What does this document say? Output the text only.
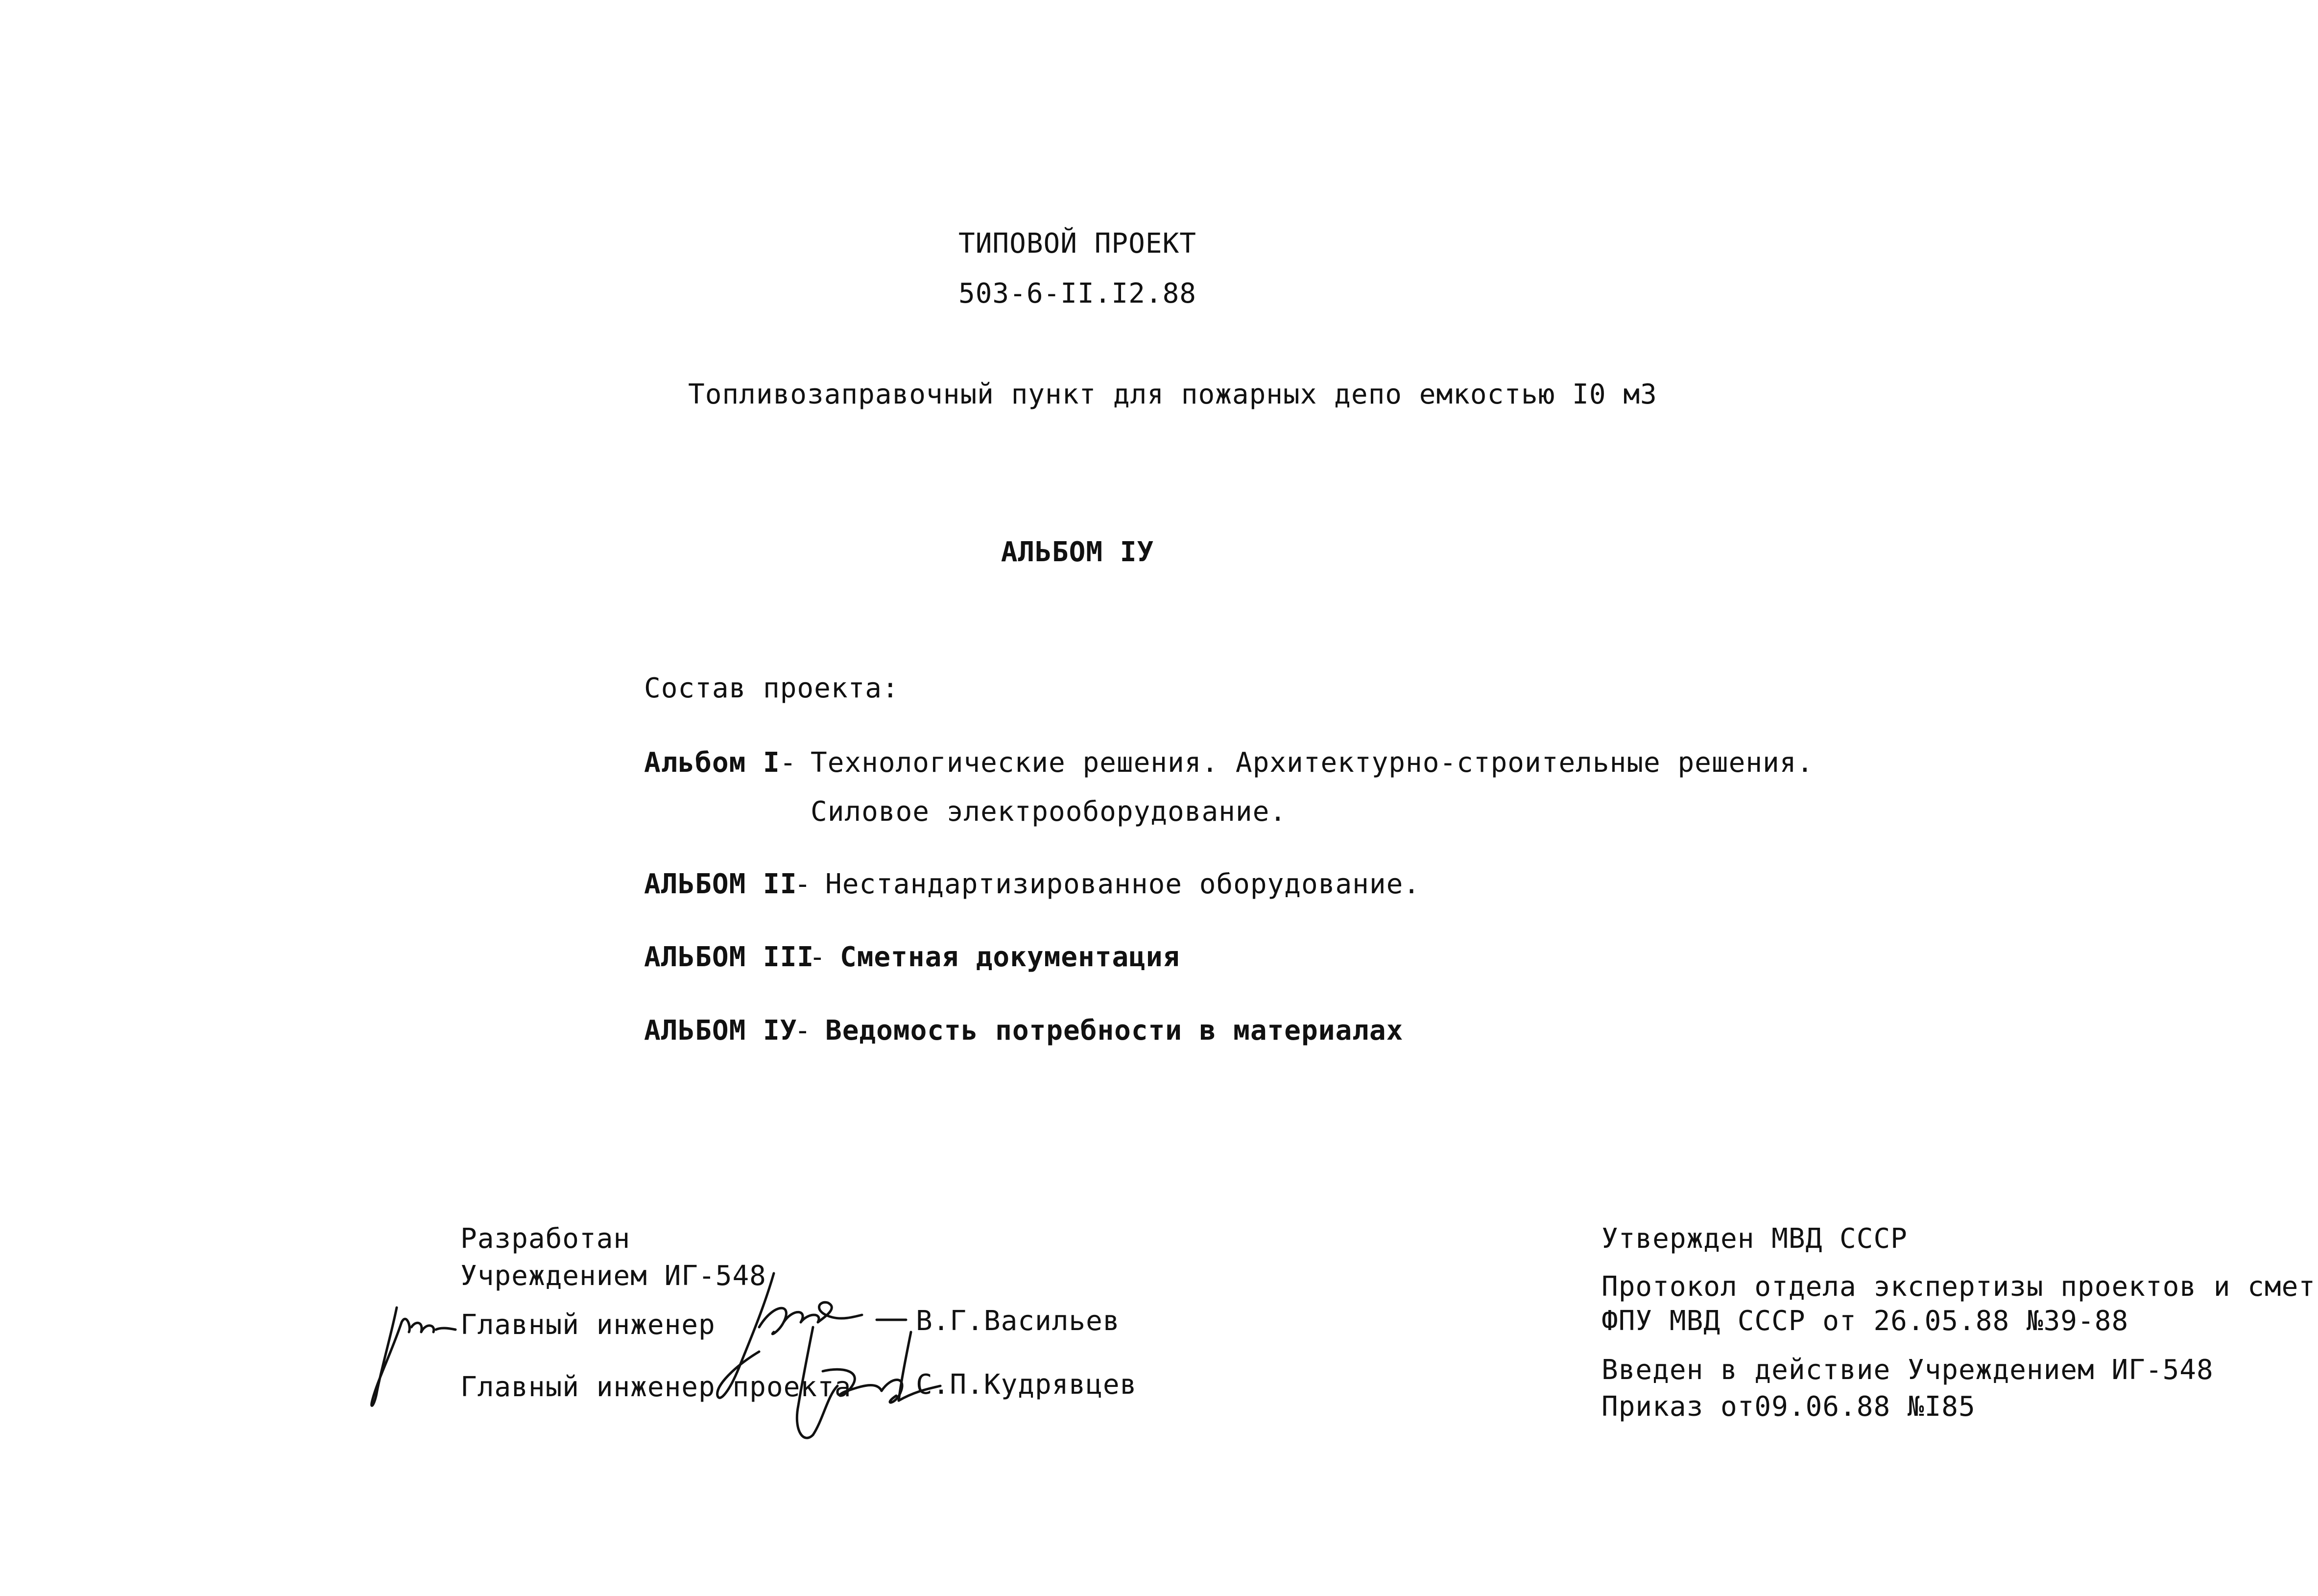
ТИПОВОЙ ПРОЕКТ
503-6-II.I2.88
Топливозаправочный пункт для пожарных депо емкостью I0 м3
АЛЬБОМ IУ
Состав проекта:
Альбом I - Технологические решения. Архитектурно-строительные решения.
Силовое электрооборудование.
АЛЬБОМ II
- Нестандартизированное оборудование.
АЛЬБОМ III
- Сметная документация
АЛЬБОМ IУ
- Ведомость потребности в материалах
Разработан
Учреждением ИГ-548
Главный инженер	В.Г.Васильев
Главный инженер проекта С.П.Кудрявцев
Утвержден МВД СССР
Протокол отдела экспертизы проектов и смет
ФПУ МВД СССР от 26.05.88 №39-88
Введен в действие Учреждением ИГ-548
Приказ от09.06.88 №I85
